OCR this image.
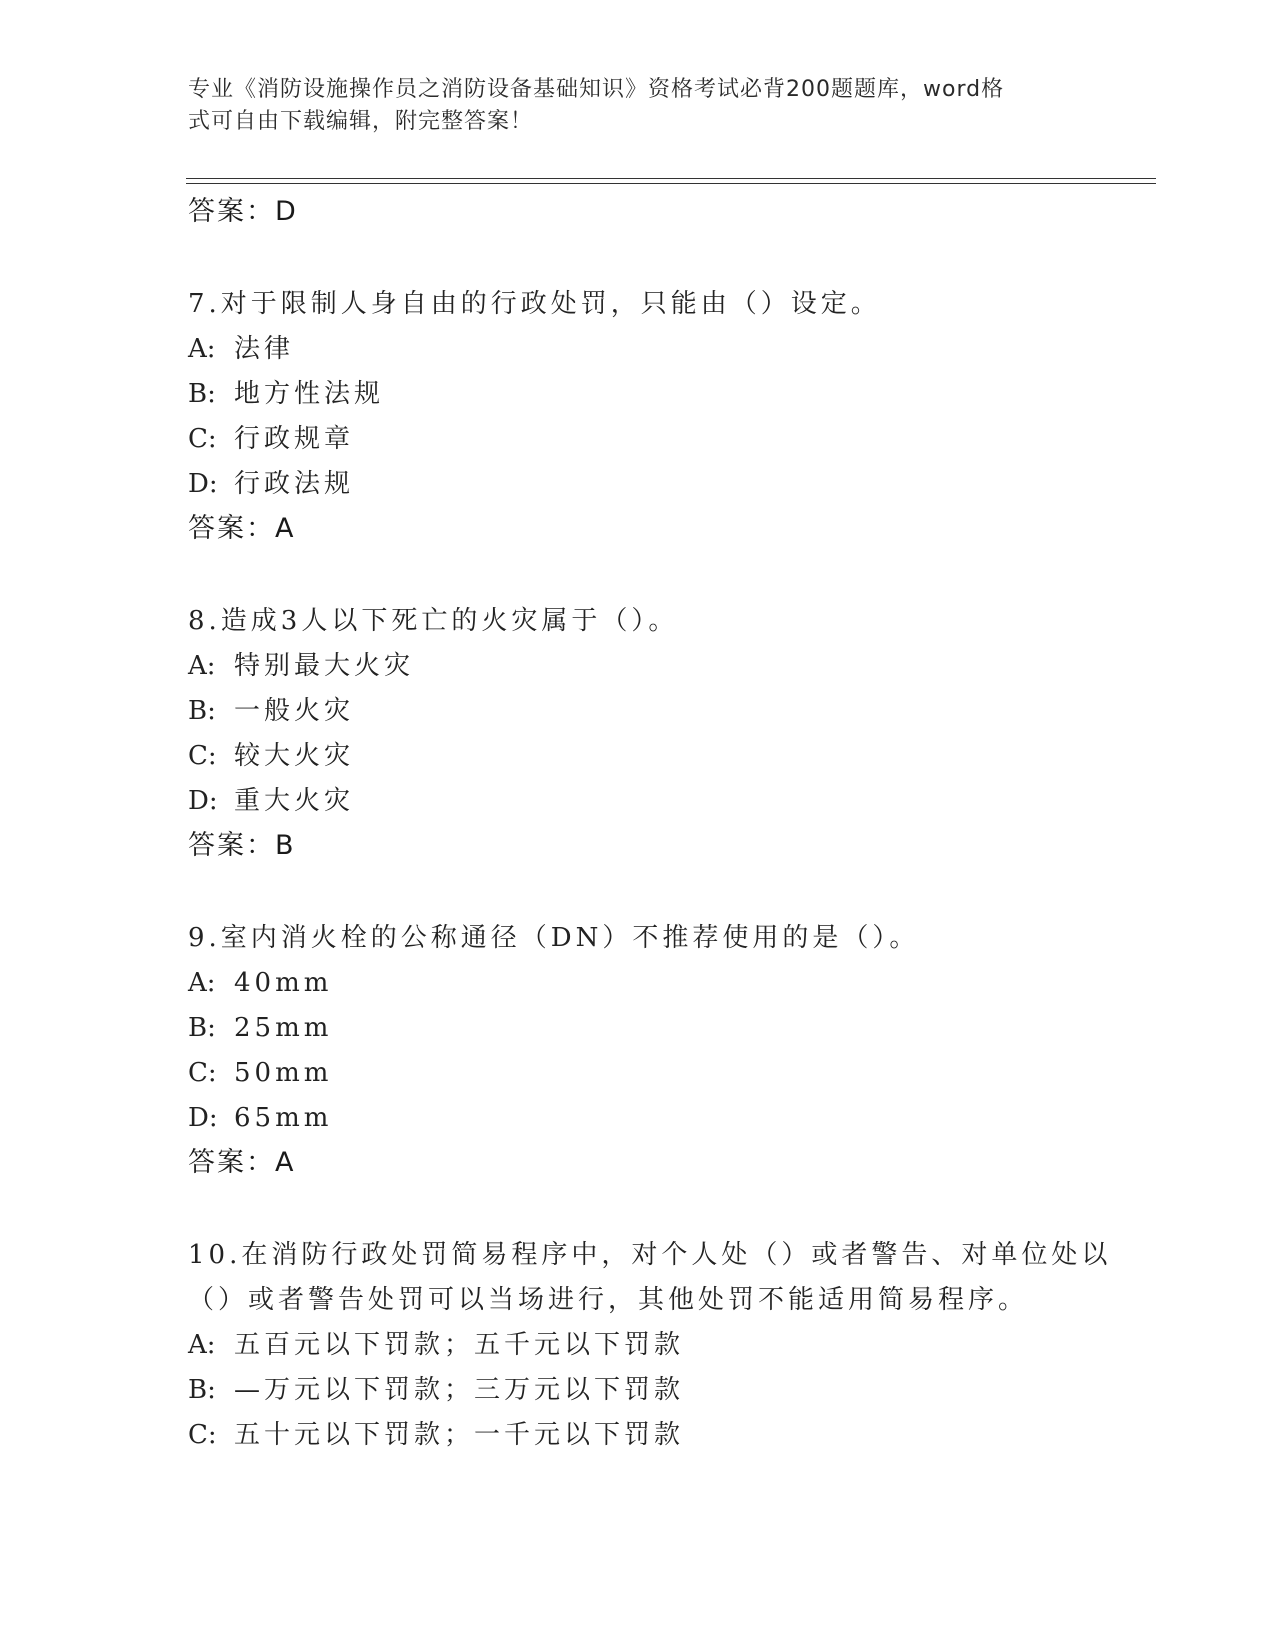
专业《消防设施操作员之消防设备基础知识》资格考试必背200题题库，word格
式可自由下载编辑，附完整答案！
答案：D
7.对于限制人身自由的行政处罚，只能由（）设定。
A: 法律
B: 地方性法规
C: 行政规章
D: 行政法规
答案：A
8.造成3人以下死亡的火灾属于（）。
A: 特别最大火灾
B: 一般火灾
C: 较大火灾
D: 重大火灾
答案：B
9.室内消火栓的公称通径（DN）不推荐使用的是（）。
A: 40mm
B: 25mm
C: 50mm
D: 65mm
答案：A
10.在消防行政处罚简易程序中，对个人处（）或者警告、对单位处以
（）或者警告处罚可以当场进行，其他处罚不能适用简易程序。
A: 五百元以下罚款；五千元以下罚款
B: —万元以下罚款；三万元以下罚款
C: 五十元以下罚款；一千元以下罚款
